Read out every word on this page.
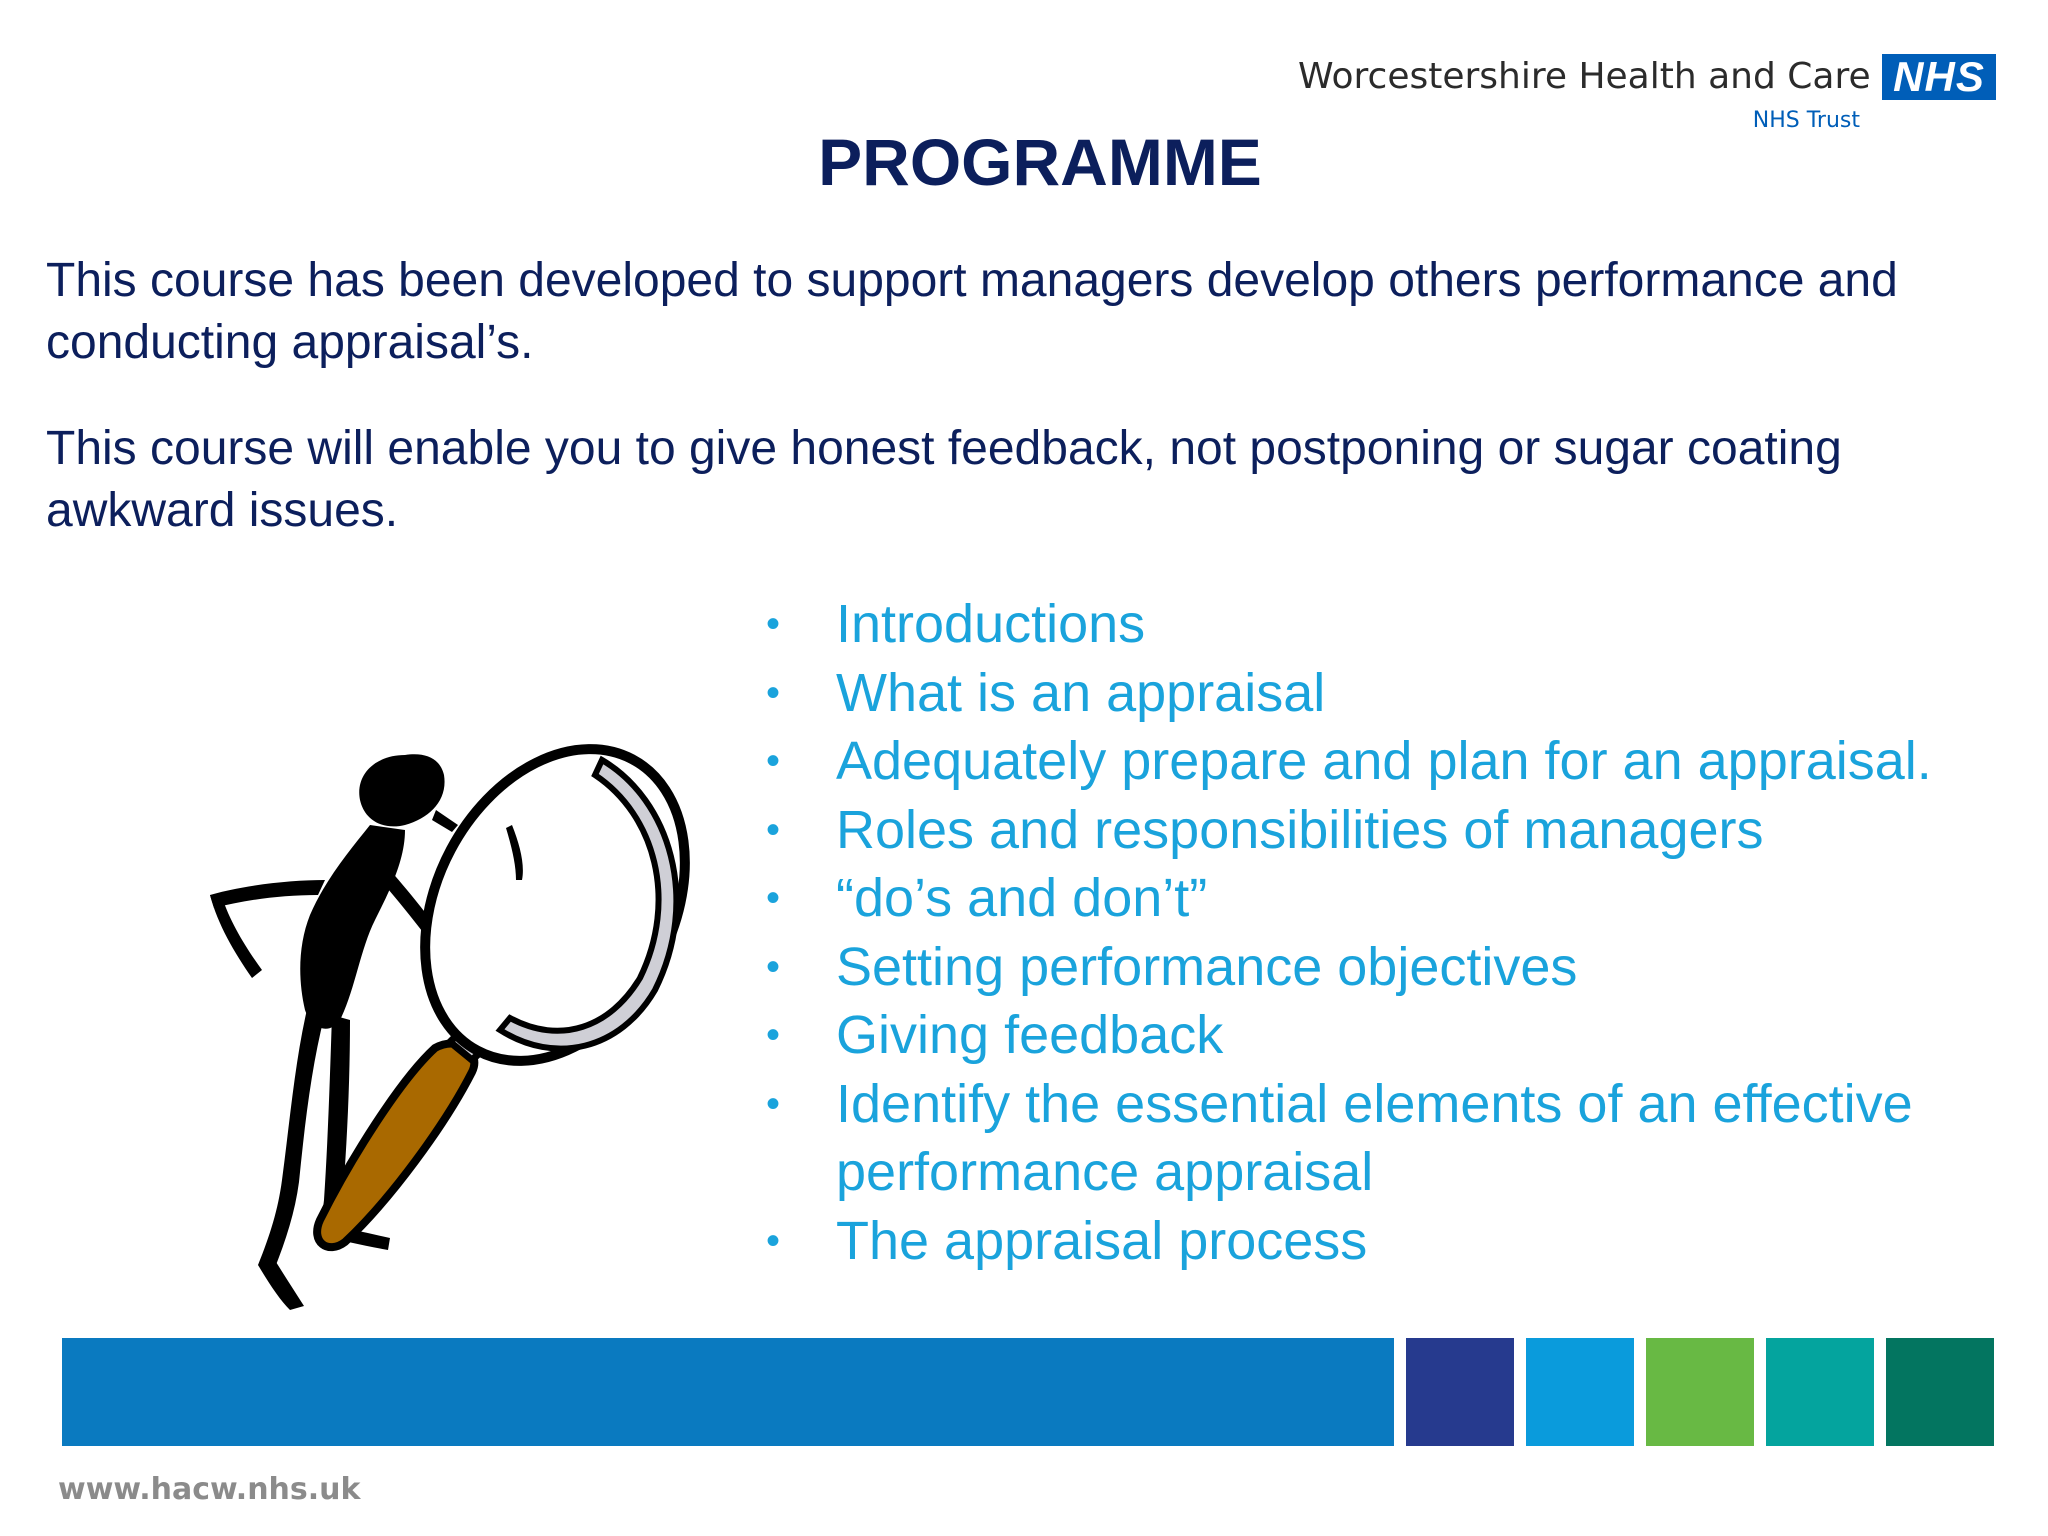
Worcestershire Health and Care NHS
NHS Trust
PROGRAMME
This course has been developed to support managers develop others performance and conducting appraisal’s.
This course will enable you to give honest feedback, not postponing or sugar coating awkward issues.
• Introductions
• What is an appraisal
• Adequately prepare and plan for an appraisal.
• Roles and responsibilities of managers
• “do’s and don’t”
• Setting performance objectives
• Giving feedback
• Identify the essential elements of an effective performance appraisal
• The appraisal process
www.hacw.nhs.uk
